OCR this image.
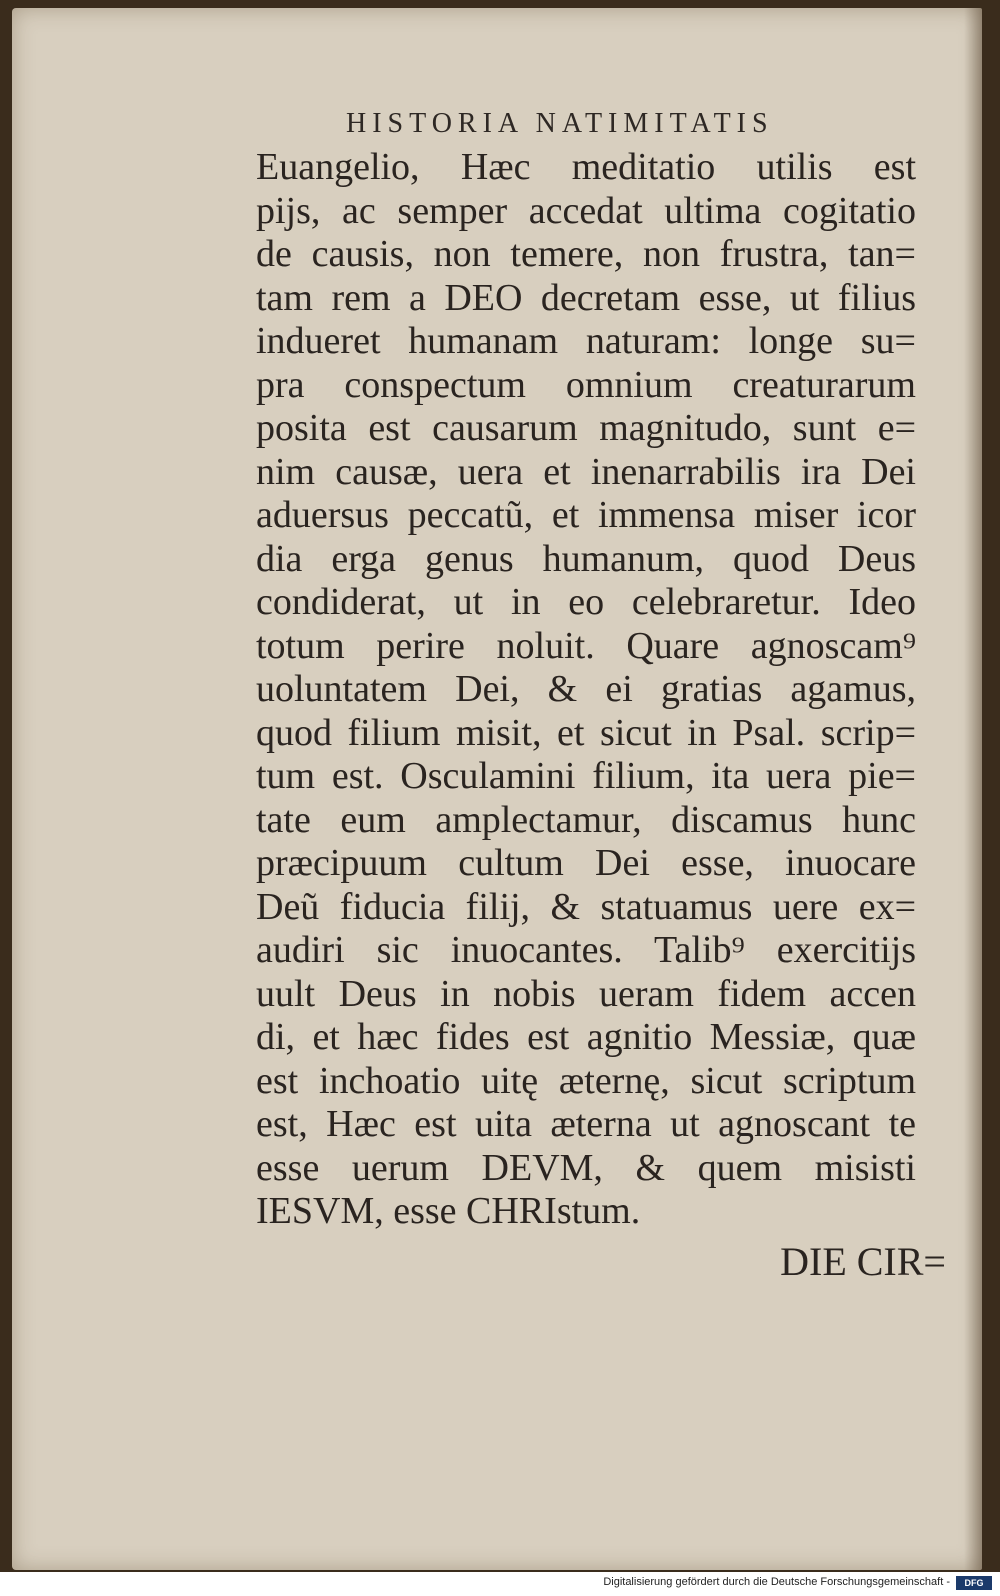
HISTORIA NATIMITATIS
Euangelio, Hæc meditatio utilis est
pijs, ac semper accedat ultima cogitatio
de causis, non temere, non frustra, tan=
tam rem a DEO decretam esse, ut filius
indueret humanam naturam: longe su=
pra conspectum omnium creaturarum
posita est causarum magnitudo, sunt e=
nim causæ, uera et inenarrabilis ira Dei
aduersus peccatũ, et immensa miser icor
dia erga genus humanum, quod Deus
condiderat, ut in eo celebraretur. Ideo
totum perire noluit. Quare agnoscam⁹
uoluntatem Dei, & ei gratias agamus,
quod filium misit, et sicut in Psal. scrip=
tum est. Osculamini filium, ita uera pie=
tate eum amplectamur, discamus hunc
præcipuum cultum Dei esse, inuocare
Deũ fiducia filij, & statuamus uere ex=
audiri sic inuocantes. Talib⁹ exercitijs
uult Deus in nobis ueram fidem accen
di, et hæc fides est agnitio Messiæ, quæ
est inchoatio uitę æternę, sicut scriptum
est, Hæc est uita æterna ut agnoscant te
esse uerum DEVM, & quem misisti
IESVM, esse CHRIstum.
DIE CIR=
Digitalisierung gefördert durch die Deutsche Forschungsgemeinschaft -	DFG
